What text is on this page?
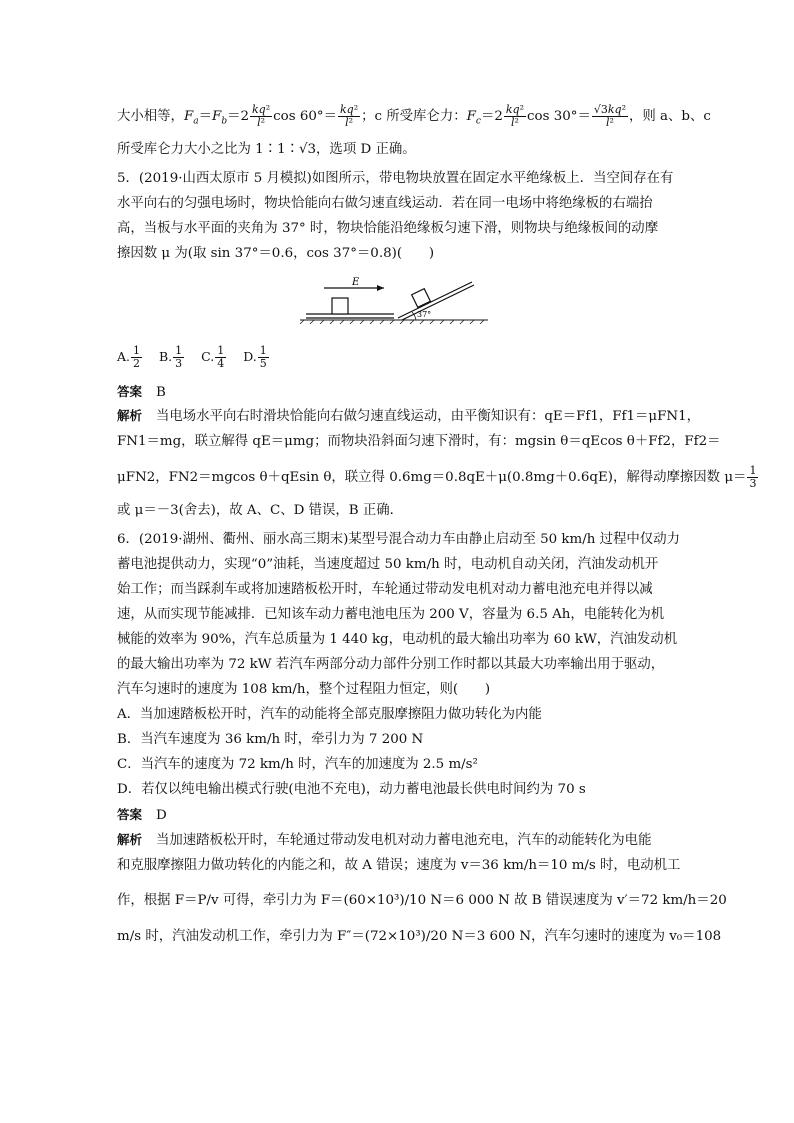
大小相等，$F_a=F_b=2 \frac{\text{kq²}}{\text{l²}}$ $\cos 60^\circ= \frac{\text{kq²}}{\text{l²}}$ ；c 所受库仑力：$F_c=2 \frac{\text{kq²}}{\text{l²}}$ $\cos 30^\circ= \frac{\text{√3kq²}}{\text{l²}}$ ，则 a、b、c
所受库仑力大小之比为 1∶1∶√3，选项 D 正确。
5．(2019·山西太原市 5 月模拟)如图所示，带电物块放置在固定水平绝缘板上．当空间存在有
水平向右的匀强电场时，物块恰能向右做匀速直线运动．若在同一电场中将绝缘板的右端抬
高，当板与水平面的夹角为 37° 时，物块恰能沿绝缘板匀速下滑，则物块与绝缘板间的动摩
擦因数 μ 为(取 sin 37°＝0.6，cos 37°＝0.8)(　　)
E
37°
A. $\frac{1}{2} B$. $\frac{1}{3} C$. $\frac{1}{4} D$. $\frac{1}{5}$
答案 B
解析 当电场水平向右时滑块恰能向右做匀速直线运动，由平衡知识有：qE＝Ff1，Ff1＝μFN1，
FN1＝mg，联立解得 qE＝μmg；而物块沿斜面匀速下滑时，有：mgsin θ＝qEcos θ＋Ff2，Ff2＝
μFN2，FN2＝mgcos θ＋qEsin θ，联立得 0.6mg＝0.8qE＋μ(0.8mg＋0.6qE)，解得动摩擦因数 $\mu= \frac{1}{3}$
或 μ＝－3(舍去)，故 A、C、D 错误，B 正确．
6．(2019·湖州、衢州、丽水高三期末)某型号混合动力车由静止启动至 50 km/h 过程中仅动力
蓄电池提供动力，实现“0”油耗，当速度超过 50 km/h 时，电动机自动关闭，汽油发动机开
始工作；而当踩刹车或将加速踏板松开时，车轮通过带动发电机对动力蓄电池充电并得以减
速，从而实现节能减排．已知该车动力蓄电池电压为 200 V，容量为 6.5 Ah，电能转化为机
械能的效率为 90%，汽车总质量为 1 440 kg，电动机的最大输出功率为 60 kW，汽油发动机
的最大输出功率为 72 kW 若汽车两部分动力部件分别工作时都以其最大功率输出用于驱动，
汽车匀速时的速度为 108 km/h，整个过程阻力恒定，则(　　)
A．当加速踏板松开时，汽车的动能将全部克服摩擦阻力做功转化为内能
B．当汽车速度为 36 km/h 时，牵引力为 7 200 N
C．当汽车的速度为 72 km/h 时，汽车的加速度为 2.5 m/s²
D．若仅以纯电输出模式行驶(电池不充电)，动力蓄电池最长供电时间约为 70 s
答案 D
解析 当加速踏板松开时，车轮通过带动发电机对动力蓄电池充电，汽车的动能转化为电能
和克服摩擦阻力做功转化的内能之和，故 A 错误；速度为 v＝36 km/h＝10 m/s 时，电动机工
作，根据 F＝P/v 可得，牵引力为 F＝(60×10³)/10 N＝6 000 N 故 B 错误速度为 v′＝72 km/h＝20
m/s 时，汽油发动机工作，牵引力为 F″＝(72×10³)/20 N＝3 600 N，汽车匀速时的速度为 v₀＝108
